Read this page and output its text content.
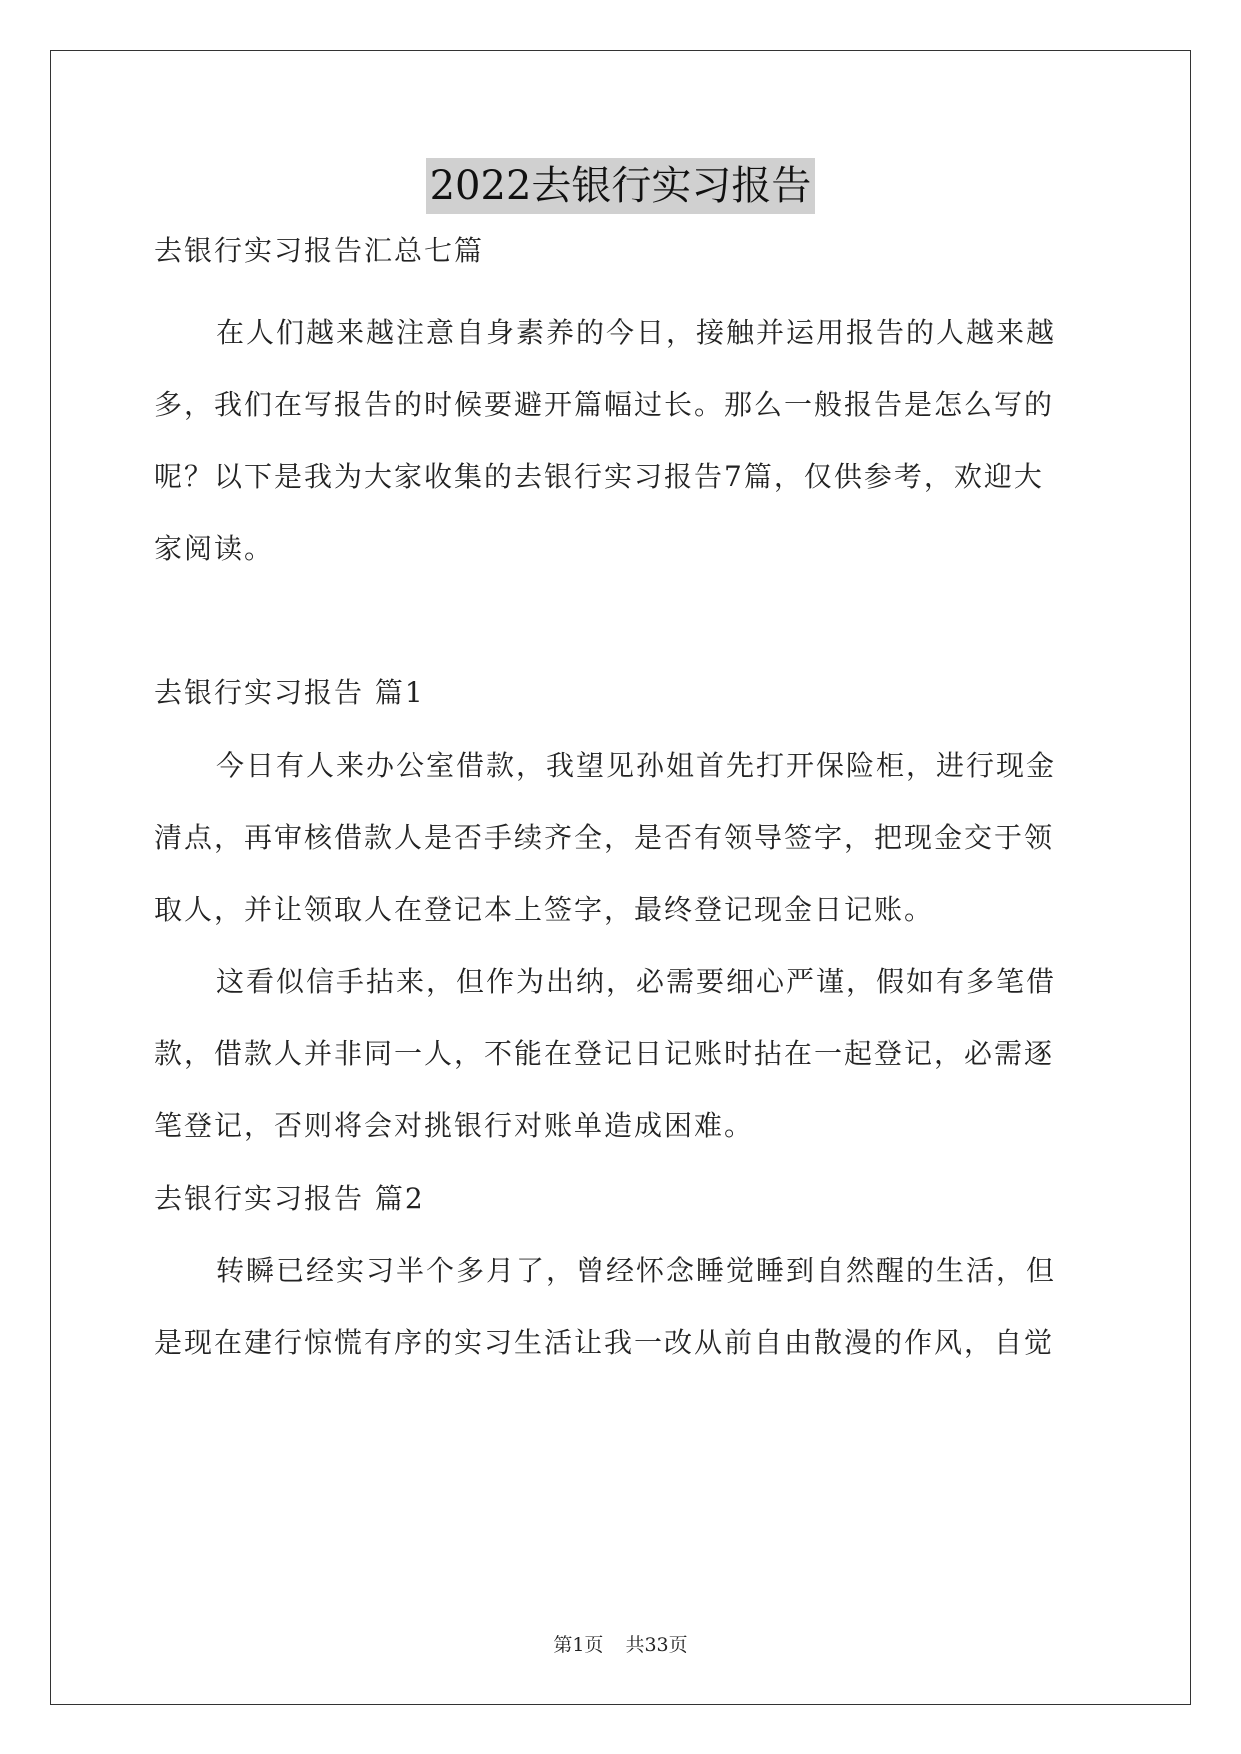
2022去银行实习报告

去银行实习报告汇总七篇

在人们越来越注意自身素养的今日，接触并运用报告的人越来越

多，我们在写报告的时候要避开篇幅过长。那么一般报告是怎么写的

呢？以下是我为大家收集的去银行实习报告7篇，仅供参考，欢迎大

家阅读。

去银行实习报告 篇1

今日有人来办公室借款，我望见孙姐首先打开保险柜，进行现金

清点，再审核借款人是否手续齐全，是否有领导签字，把现金交于领

取人，并让领取人在登记本上签字，最终登记现金日记账。

这看似信手拈来，但作为出纳，必需要细心严谨，假如有多笔借

款，借款人并非同一人，不能在登记日记账时拈在一起登记，必需逐

笔登记，否则将会对挑银行对账单造成困难。

去银行实习报告 篇2

转瞬已经实习半个多月了，曾经怀念睡觉睡到自然醒的生活，但

是现在建行惊慌有序的实习生活让我一改从前自由散漫的作风，自觉

第1页 共33页
